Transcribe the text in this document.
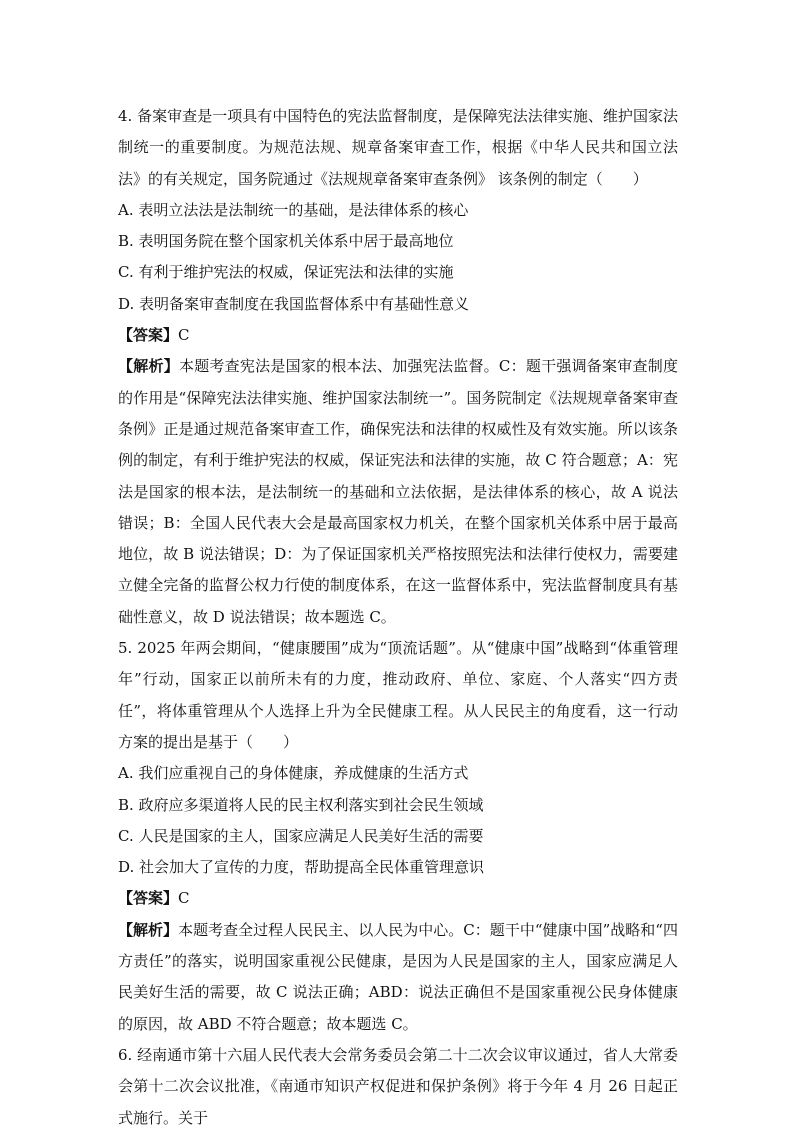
4. 备案审查是一项具有中国特色的宪法监督制度，是保障宪法法律实施、维护国家法制统一的重要制度。为规范法规、规章备案审查工作，根据《中华人民共和国立法法》的有关规定，国务院通过《法规规章备案审查条例》 该条例的制定（　　）

A. 表明立法法是法制统一的基础，是法律体系的核心

B. 表明国务院在整个国家机关体系中居于最高地位

C. 有利于维护宪法的权威，保证宪法和法律的实施

D. 表明备案审查制度在我国监督体系中有基础性意义

【答案】C

【解析】本题考查宪法是国家的根本法、加强宪法监督。C：题干强调备案审查制度的作用是“保障宪法法律实施、维护国家法制统一”。国务院制定《法规规章备案审查条例》正是通过规范备案审查工作，确保宪法和法律的权威性及有效实施。所以该条例的制定，有利于维护宪法的权威，保证宪法和法律的实施，故 C 符合题意；A：宪法是国家的根本法，是法制统一的基础和立法依据，是法律体系的核心，故 A 说法错误；B：全国人民代表大会是最高国家权力机关，在整个国家机关体系中居于最高地位，故 B 说法错误；D：为了保证国家机关严格按照宪法和法律行使权力，需要建立健全完备的监督公权力行使的制度体系，在这一监督体系中，宪法监督制度具有基础性意义，故 D 说法错误；故本题选 C。

5. 2025 年两会期间，“健康腰围”成为“顶流话题”。从“健康中国”战略到“体重管理年”行动，国家正以前所未有的力度，推动政府、单位、家庭、个人落实“四方责任”，将体重管理从个人选择上升为全民健康工程。从人民民主的角度看，这一行动方案的提出是基于（　　）

A. 我们应重视自己的身体健康，养成健康的生活方式

B. 政府应多渠道将人民的民主权利落实到社会民生领域

C. 人民是国家的主人，国家应满足人民美好生活的需要

D. 社会加大了宣传的力度，帮助提高全民体重管理意识

【答案】C

【解析】本题考查全过程人民民主、以人民为中心。C：题干中“健康中国”战略和“四方责任”的落实，说明国家重视公民健康，是因为人民是国家的主人，国家应满足人民美好生活的需要，故 C 说法正确；ABD：说法正确但不是国家重视公民身体健康的原因，故 ABD 不符合题意；故本题选 C。

6. 经南通市第十六届人民代表大会常务委员会第二十二次会议审议通过，省人大常委会第十二次会议批准，《南通市知识产权促进和保护条例》将于今年 4 月 26 日起正式施行。关于
